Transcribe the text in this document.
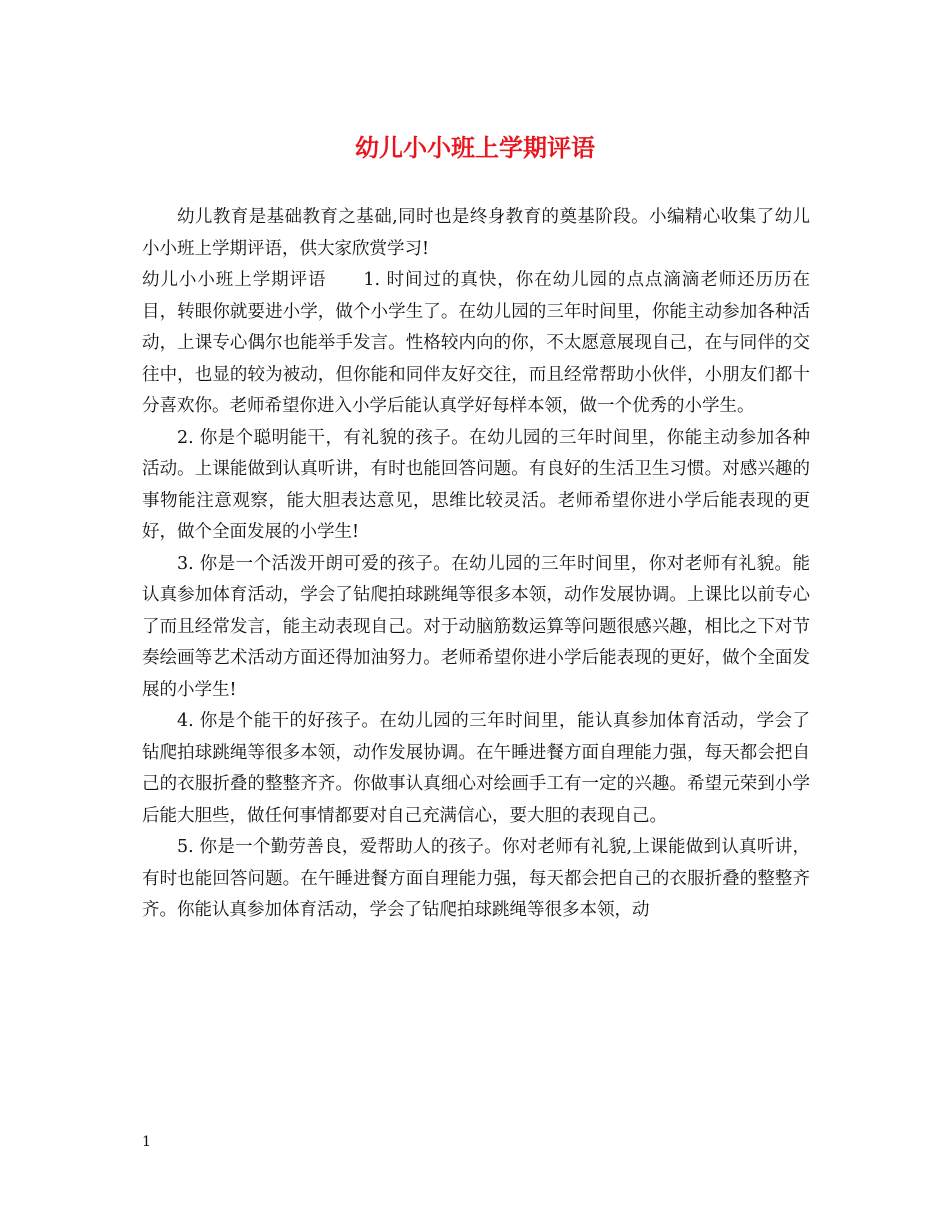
幼儿小小班上学期评语

幼儿教育是基础教育之基础,同时也是终身教育的奠基阶段。小编精心收集了幼儿小小班上学期评语，供大家欣赏学习!

幼儿小小班上学期评语　　1. 时间过的真快，你在幼儿园的点点滴滴老师还历历在目，转眼你就要进小学，做个小学生了。在幼儿园的三年时间里，你能主动参加各种活动，上课专心偶尔也能举手发言。性格较内向的你，不太愿意展现自己，在与同伴的交往中，也显的较为被动，但你能和同伴友好交往，而且经常帮助小伙伴，小朋友们都十分喜欢你。老师希望你进入小学后能认真学好每样本领，做一个优秀的小学生。

2. 你是个聪明能干，有礼貌的孩子。在幼儿园的三年时间里，你能主动参加各种活动。上课能做到认真听讲，有时也能回答问题。有良好的生活卫生习惯。对感兴趣的事物能注意观察，能大胆表达意见，思维比较灵活。老师希望你进小学后能表现的更好，做个全面发展的小学生!

3. 你是一个活泼开朗可爱的孩子。在幼儿园的三年时间里，你对老师有礼貌。能认真参加体育活动，学会了钻爬拍球跳绳等很多本领，动作发展协调。上课比以前专心了而且经常发言，能主动表现自己。对于动脑筋数运算等问题很感兴趣，相比之下对节奏绘画等艺术活动方面还得加油努力。老师希望你进小学后能表现的更好，做个全面发展的小学生!

4. 你是个能干的好孩子。在幼儿园的三年时间里，能认真参加体育活动，学会了钻爬拍球跳绳等很多本领，动作发展协调。在午睡进餐方面自理能力强，每天都会把自己的衣服折叠的整整齐齐。你做事认真细心对绘画手工有一定的兴趣。希望元荣到小学后能大胆些，做任何事情都要对自己充满信心，要大胆的表现自己。

5. 你是一个勤劳善良，爱帮助人的孩子。你对老师有礼貌,上课能做到认真听讲，有时也能回答问题。在午睡进餐方面自理能力强，每天都会把自己的衣服折叠的整整齐齐。你能认真参加体育活动，学会了钻爬拍球跳绳等很多本领，动

1
